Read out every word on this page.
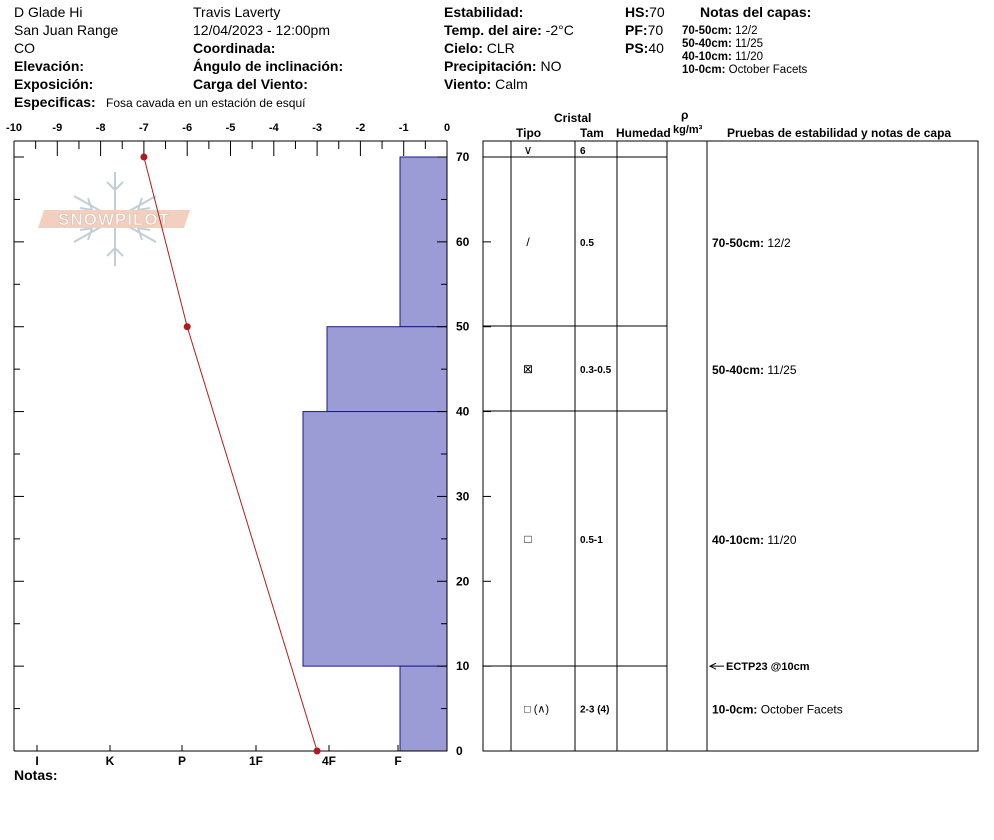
D Glade Hi
San Juan Range
CO
Elevación:
Exposición:
Especificas: Fosa cavada en un estación de esquí
Travis Laverty
12/04/2023 - 12:00pm
Coordinada:
Ángulo de inclinación:
Carga del Viento:
Estabilidad:
Temp. del aire: -2°C
Cielo: CLR
Precipitación: NO
Viento: Calm
HS:70
PF:70
PS:40
Notas del capas:
70-50cm: 12/2
50-40cm: 11/25
40-10cm: 11/20
10-0cm: October Facets
Notas:
Cristal
Tipo	Tam Humedad
ρ
kg/m³ Pruebas de estabilidad y notas de capa
SNOWPILOT
-10	-9	-8	-7	-6	-5	-4	-3	-2	-1	0
0
10
20
30
40
50
60
70
I	K	P	1F	4F	F
∨	6
/	0.5
⊠	0.3-0.5
□	0.5-1
□ (∧)	2-3 (4)
70-50cm: 12/2
50-40cm: 11/25
40-10cm: 11/20
10-0cm: October Facets
ECTP23 @10cm
